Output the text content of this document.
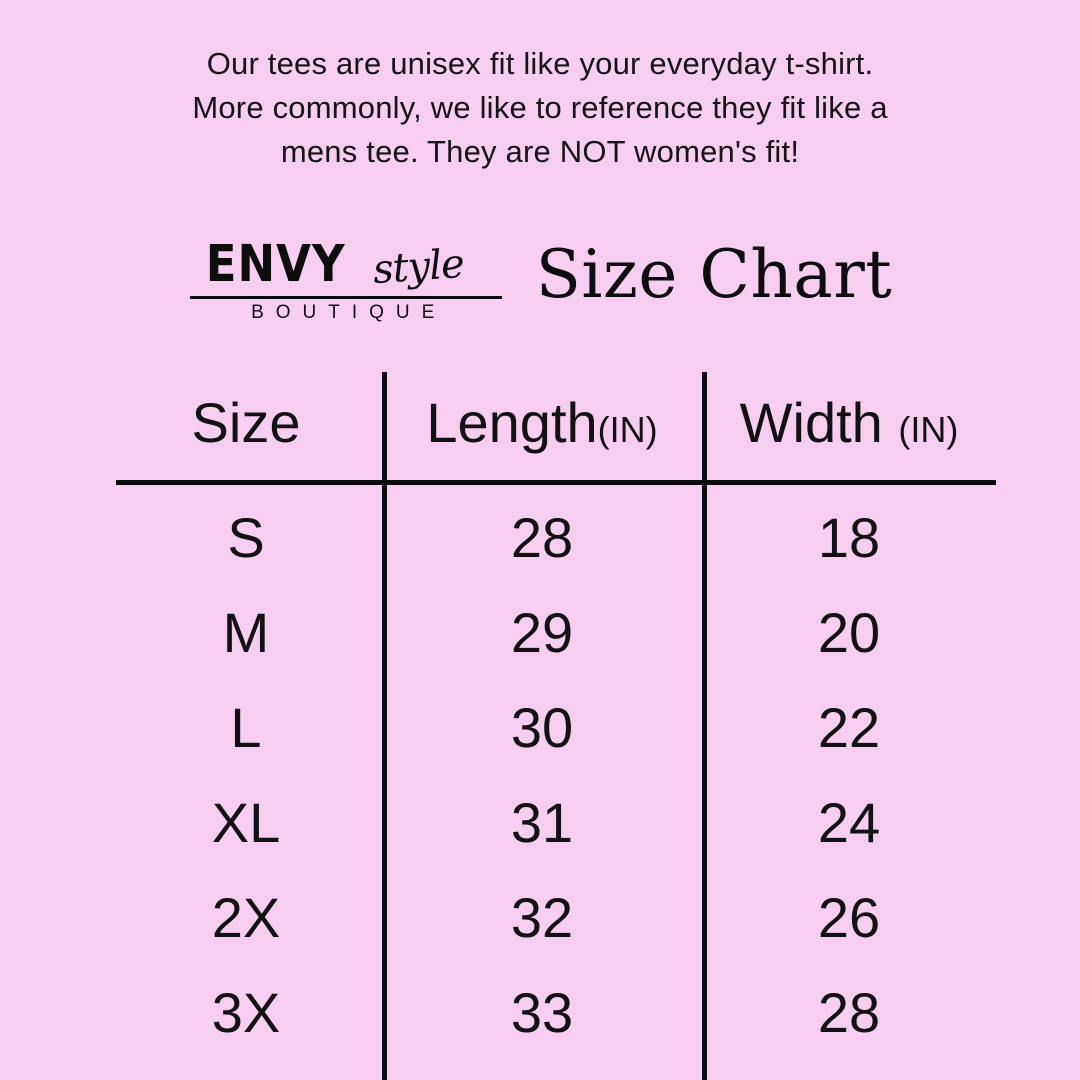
Our tees are unisex fit like your everyday t-shirt.
More commonly, we like to reference they fit like a
mens tee. They are NOT women's fit!
ENVY style
BOUTIQUE	Size Chart
Size	Length(IN)	Width (IN)
S	28	18
M	29	20
L	30	22
XL	31	24
2X	32	26
3X	33	28
